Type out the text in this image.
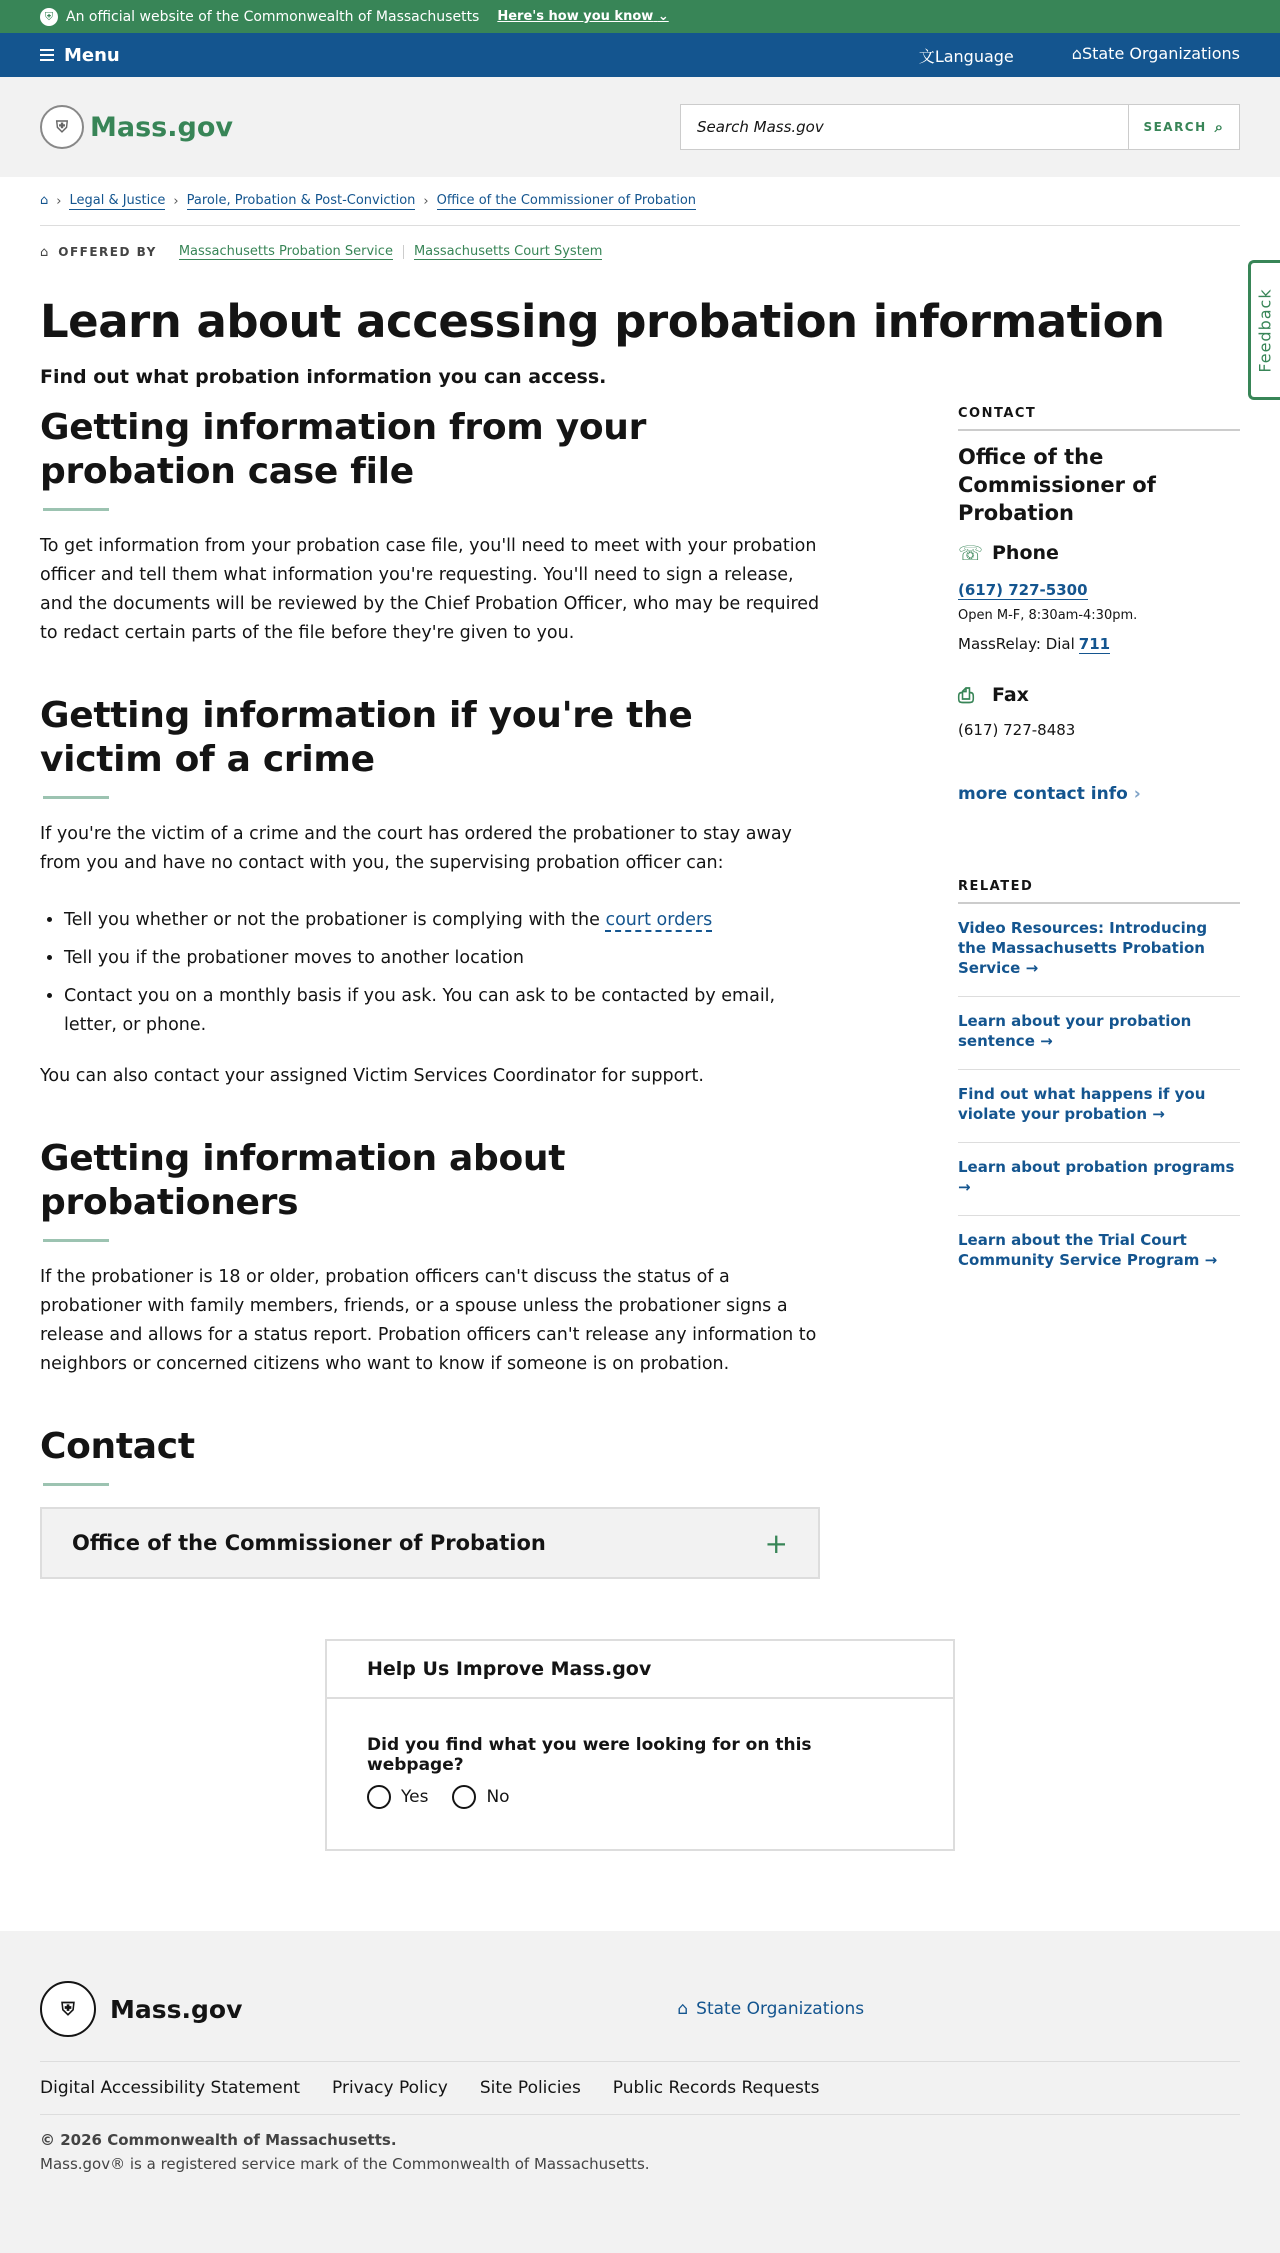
⛨ An official website of the Commonwealth of Massachusetts Here's how you know ⌄
Menu	文Language	⌂State Organizations
⛨ Mass.gov
Search Mass.gov	SEARCH ⌕
⌂ › Legal & Justice › Parole, Probation & Post-Conviction › Office of the Commissioner of Probation
⌂ OFFERED BY Massachusetts Probation Service Massachusetts Court System
Learn about accessing probation information
Find out what probation information you can access.
Getting information from your probation case file

To get information from your probation case file, you'll need to meet with your probation officer and tell them what information you're requesting. You'll need to sign a release, and the documents will be reviewed by the Chief Probation Officer, who may be required to redact certain parts of the file before they're given to you.

Getting information if you're the victim of a crime

If you're the victim of a crime and the court has ordered the probationer to stay away from you and have no contact with you, the supervising probation officer can:

• Tell you whether or not the probationer is complying with the court orders
• Tell you if the probationer moves to another location
• Contact you on a monthly basis if you ask. You can ask to be contacted by email, letter, or phone.

You can also contact your assigned Victim Services Coordinator for support.

Getting information about probationers

If the probationer is 18 or older, probation officers can't discuss the status of a probationer with family members, friends, or a spouse unless the probationer signs a release and allows for a status report. Probation officers can't release any information to neighbors or concerned citizens who want to know if someone is on probation.

Contact
Office of the Commissioner of Probation	+
CONTACT
Office of the Commissioner of Probation
☏ Phone
(617) 727-5300
Open M-F, 8:30am-4:30pm.
MassRelay: Dial 711
⎙ Fax
(617) 727-8483
more contact info ›
RELATED
Video Resources: Introducing the Massachusetts Probation Service →
Learn about your probation sentence →
Find out what happens if you violate your probation →
Learn about probation programs →
Learn about the Trial Court Community Service Program →
Help Us Improve Mass.gov
Did you find what you were looking for on this webpage?
Yes	No
Feedback
⛨	Mass.gov	⌂ State Organizations
Digital Accessibility Statement Privacy Policy Site Policies Public Records Requests
© 2026 Commonwealth of Massachusetts.
Mass.gov® is a registered service mark of the Commonwealth of Massachusetts.
